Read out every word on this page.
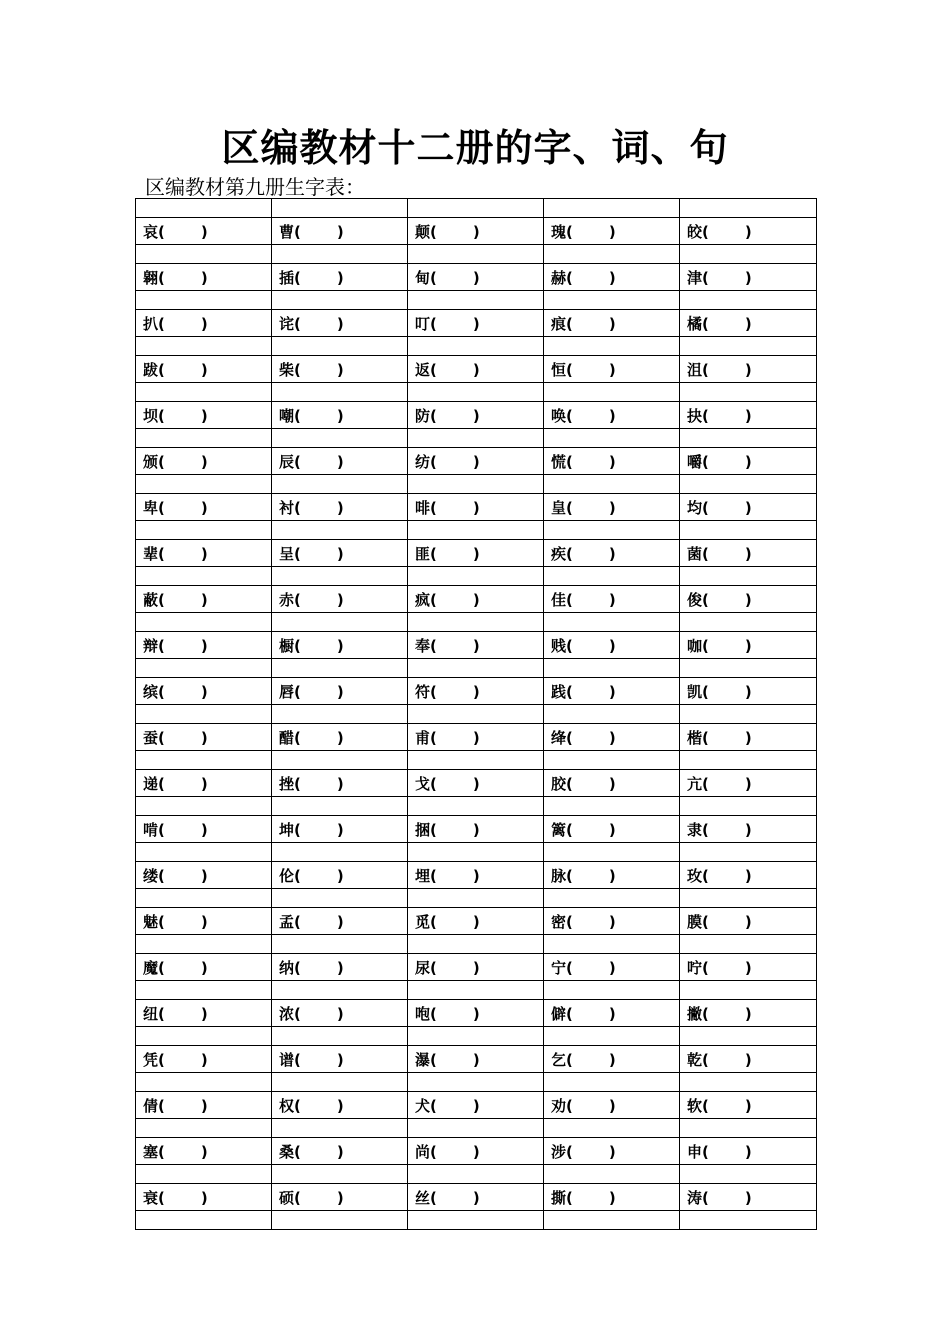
区编教材十二册的字、词、句
区编教材第九册生字表：

哀( )	曹( )	颠( )	瑰( )	皎( )

翱( )	插( )	甸( )	赫( )	津( )

扒( )	诧( )	叮( )	痕( )	橘( )

跋( )	柴( )	返( )	恒( )	沮( )

坝( )	嘲( )	防( )	唤( )	抉( )

颁( )	辰( )	纺( )	慌( )	嚼( )

卑( )	衬( )	啡( )	皇( )	均( )

辈( )	呈( )	匪( )	疾( )	菌( )

蔽( )	赤( )	疯( )	佳( )	俊( )

辩( )	橱( )	奉( )	贱( )	咖( )

缤( )	唇( )	符( )	践( )	凯( )

蚕( )	醋( )	甫( )	绛( )	楷( )

递( )	挫( )	戈( )	胶( )	亢( )

啃( )	坤( )	捆( )	篱( )	隶( )

缕( )	伦( )	埋( )	脉( )	玫( )

魅( )	孟( )	觅( )	密( )	膜( )

魔( )	纳( )	尿( )	宁( )	咛( )

纽( )	浓( )	咆( )	僻( )	撇( )

凭( )	谱( )	瀑( )	乞( )	乾( )

倩( )	权( )	犬( )	劝( )	软( )

塞( )	桑( )	尚( )	涉( )	申( )

衰( )	硕( )	丝( )	撕( )	涛( )
